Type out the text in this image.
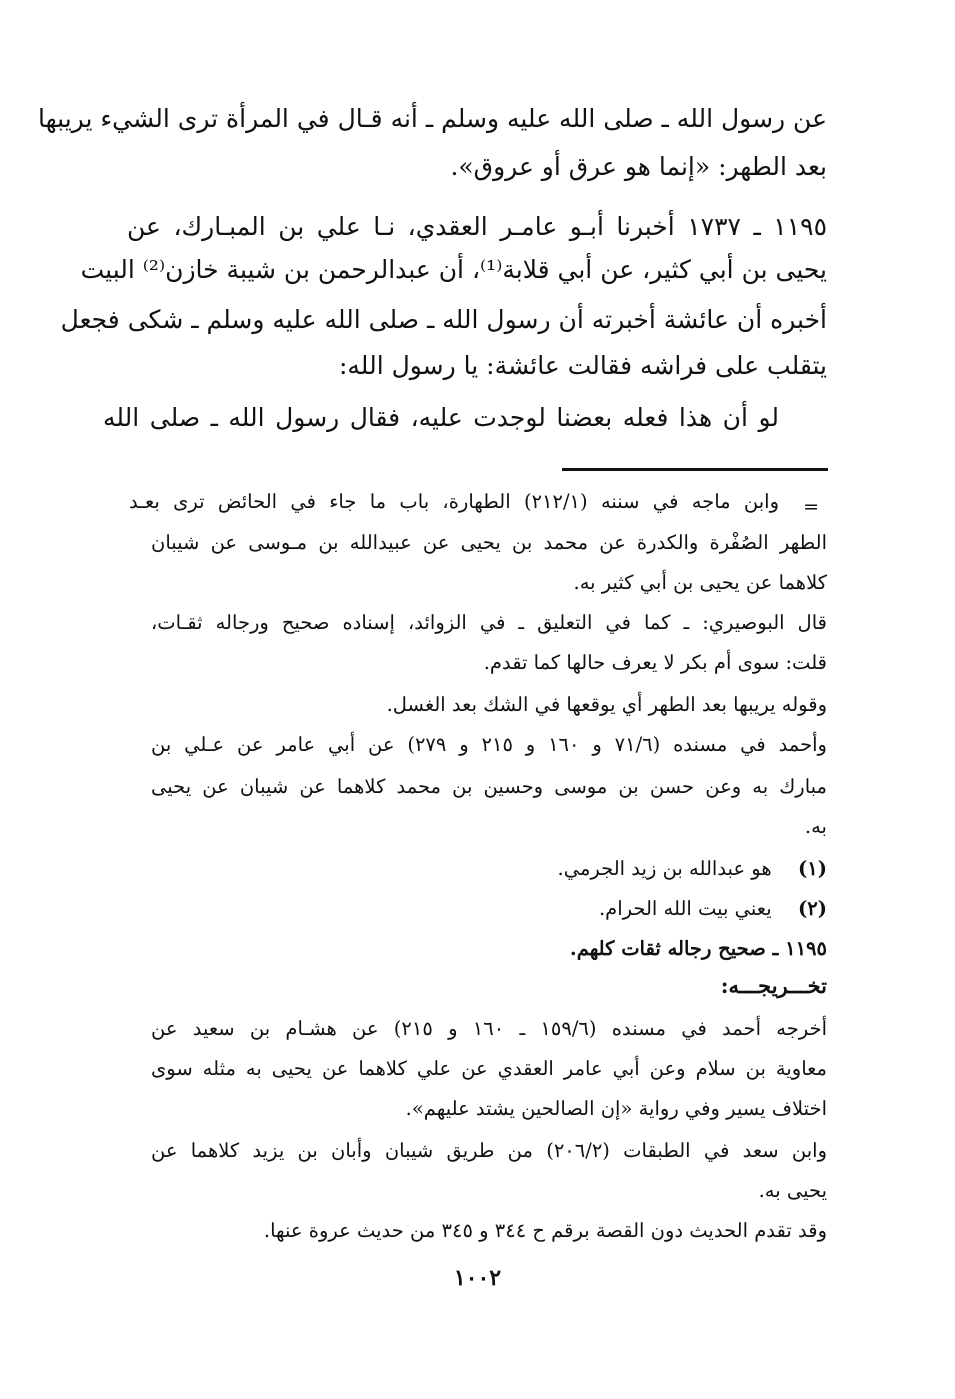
عن رسول الله ـ صلى الله عليه وسلم ـ أنه قـال في المرأة ترى الشيء يريبها
بعد الطهر: «إنما هو عرق أو عروق».
١١٩٥ ـ ١٧٣٧ أخبرنا أبـو عامـر العقدي، نـا علي بن المبـارك، عن
يحيى بن أبي كثير، عن أبي قلابة⁽¹⁾، أن عبدالرحمن بن شيبة خازن⁽²⁾ البيت
أخبره أن عائشة أخبرته أن رسول الله ـ صلى الله عليه وسلم ـ شكى فجعل
يتقلب على فراشه فقالت عائشة: يا رسول الله:
لو أن هذا فعله بعضنا لوجدت عليه، فقال رسول الله ـ صلى الله
=
وابن ماجه في سننه (٢١٢/١) الطهارة، باب ما جاء في الحائض ترى بعـد
الطهر الصُفْرة والكدرة عن محمد بن يحيى عن عبيدالله بن مـوسى عن شيبان
كلاهما عن يحيى بن أبي كثير به.
قال البوصيري: ـ كما في التعليق ـ في الزوائد، إسناده صحيح ورجاله ثقـات،
قلت: سوى أم بكر لا يعرف حالها كما تقدم.
وقوله يريبها بعد الطهر أي يوقعها في الشك بعد الغسل.
وأحمد في مسنده (٧١/٦ و ١٦٠ و ٢١٥ و ٢٧٩) عن أبي عامر عن عـلي بن
مبارك به وعن حسن بن موسى وحسين بن محمد كلاهما عن شيبان عن يحيى
به.
(١)  هو عبدالله بن زيد الجرمي.
(٢)  يعني بيت الله الحرام.
١١٩٥ ـ صحيح رجاله ثقات كلهم.
تخـــريجـــه:
أخرجه أحمد في مسنده (١٥٩/٦ ـ ١٦٠ و ٢١٥) عن هشـام بن سعيد عن
معاوية بن سلام وعن أبي عامر العقدي عن علي كلاهما عن يحيى به مثله سوى
اختلاف يسير وفي رواية «إن الصالحين يشتد عليهم».
وابن سعد في الطبقات (٢٠٦/٢) من طريق شيبان وأبان بن يزيد كلاهما عن
يحيى به.
وقد تقدم الحديث دون القصة برقم ح ٣٤٤ و ٣٤٥ من حديث عروة عنها.
١٠٠٢
